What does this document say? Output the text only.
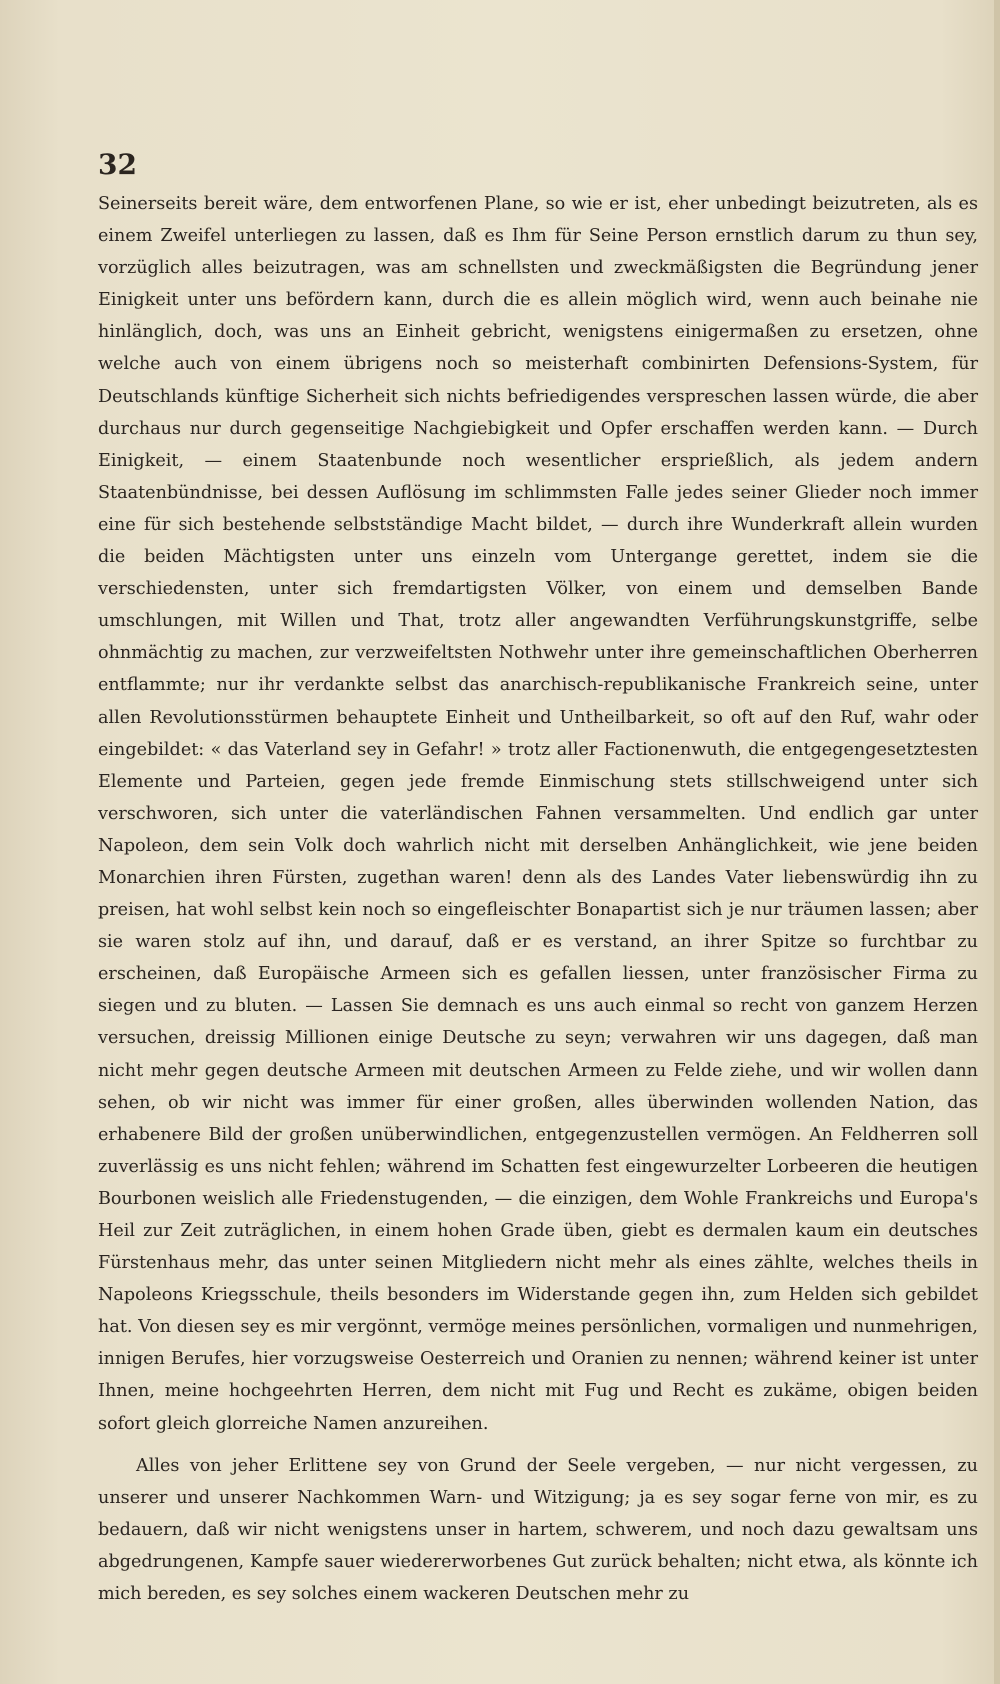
32

Seinerseits bereit wäre, dem entworfenen Plane, so wie er ist, eher unbedingt beizutreten, als es einem Zweifel unterliegen zu lassen, daß es Ihm für Seine Person ernstlich darum zu thun sey, vorzüglich alles beizutragen, was am schnellsten und zweckmäßigsten die Begründung jener Einigkeit unter uns befördern kann, durch die es allein möglich wird, wenn auch beinahe nie hinlänglich, doch, was uns an Einheit gebricht, wenigstens einigermaßen zu ersetzen, ohne welche auch von einem übrigens noch so meisterhaft combinirten Defensions-System, für Deutschlands künftige Sicherheit sich nichts befriedigendes verspreschen lassen würde, die aber durchaus nur durch gegenseitige Nachgiebigkeit und Opfer erschaffen werden kann. — Durch Einigkeit, — einem Staatenbunde noch wesentlicher ersprießlich, als jedem andern Staatenbündnisse, bei dessen Auflösung im schlimmsten Falle jedes seiner Glieder noch immer eine für sich bestehende selbstständige Macht bildet, — durch ihre Wunderkraft allein wurden die beiden Mächtigsten unter uns einzeln vom Untergange gerettet, indem sie die verschiedensten, unter sich fremdartigsten Völker, von einem und demselben Bande umschlungen, mit Willen und That, trotz aller angewandten Verführungskunstgriffe, selbe ohnmächtig zu machen, zur verzweifeltsten Nothwehr unter ihre gemeinschaftlichen Oberherren entflammte; nur ihr verdankte selbst das anarchisch-republikanische Frankreich seine, unter allen Revolutionsstürmen behauptete Einheit und Untheilbarkeit, so oft auf den Ruf, wahr oder eingebildet: « das Vaterland sey in Gefahr! » trotz aller Factionenwuth, die entgegengesetztesten Elemente und Parteien, gegen jede fremde Einmischung stets stillschweigend unter sich verschworen, sich unter die vaterländischen Fahnen versammelten. Und endlich gar unter Napoleon, dem sein Volk doch wahrlich nicht mit derselben Anhänglichkeit, wie jene beiden Monarchien ihren Fürsten, zugethan waren! denn als des Landes Vater liebenswürdig ihn zu preisen, hat wohl selbst kein noch so eingefleischter Bonapartist sich je nur träumen lassen; aber sie waren stolz auf ihn, und darauf, daß er es verstand, an ihrer Spitze so furchtbar zu erscheinen, daß Europäische Armeen sich es gefallen liessen, unter französischer Firma zu siegen und zu bluten. — Lassen Sie demnach es uns auch einmal so recht von ganzem Herzen versuchen, dreissig Millionen einige Deutsche zu seyn; verwahren wir uns dagegen, daß man nicht mehr gegen deutsche Armeen mit deutschen Armeen zu Felde ziehe, und wir wollen dann sehen, ob wir nicht was immer für einer großen, alles überwinden wollenden Nation, das erhabenere Bild der großen unüberwindlichen, entgegenzustellen vermögen. An Feldherren soll zuverlässig es uns nicht fehlen; während im Schatten fest eingewurzelter Lorbeeren die heutigen Bourbonen weislich alle Friedenstugenden, — die einzigen, dem Wohle Frankreichs und Europa's Heil zur Zeit zuträglichen, in einem hohen Grade üben, giebt es dermalen kaum ein deutsches Fürstenhaus mehr, das unter seinen Mitgliedern nicht mehr als eines zählte, welches theils in Napoleons Kriegsschule, theils besonders im Widerstande gegen ihn, zum Helden sich gebildet hat. Von diesen sey es mir vergönnt, vermöge meines persönlichen, vormaligen und nunmehrigen, innigen Berufes, hier vorzugsweise Oesterreich und Oranien zu nennen; während keiner ist unter Ihnen, meine hochgeehrten Herren, dem nicht mit Fug und Recht es zukäme, obigen beiden sofort gleich glorreiche Namen anzureihen.

Alles von jeher Erlittene sey von Grund der Seele vergeben, — nur nicht vergessen, zu unserer und unserer Nachkommen Warn- und Witzigung; ja es sey sogar ferne von mir, es zu bedauern, daß wir nicht wenigstens unser in hartem, schwerem, und noch dazu gewaltsam uns abgedrungenen, Kampfe sauer wiedererworbenes Gut zurück behalten; nicht etwa, als könnte ich mich bereden, es sey solches einem wackeren Deutschen mehr zu
